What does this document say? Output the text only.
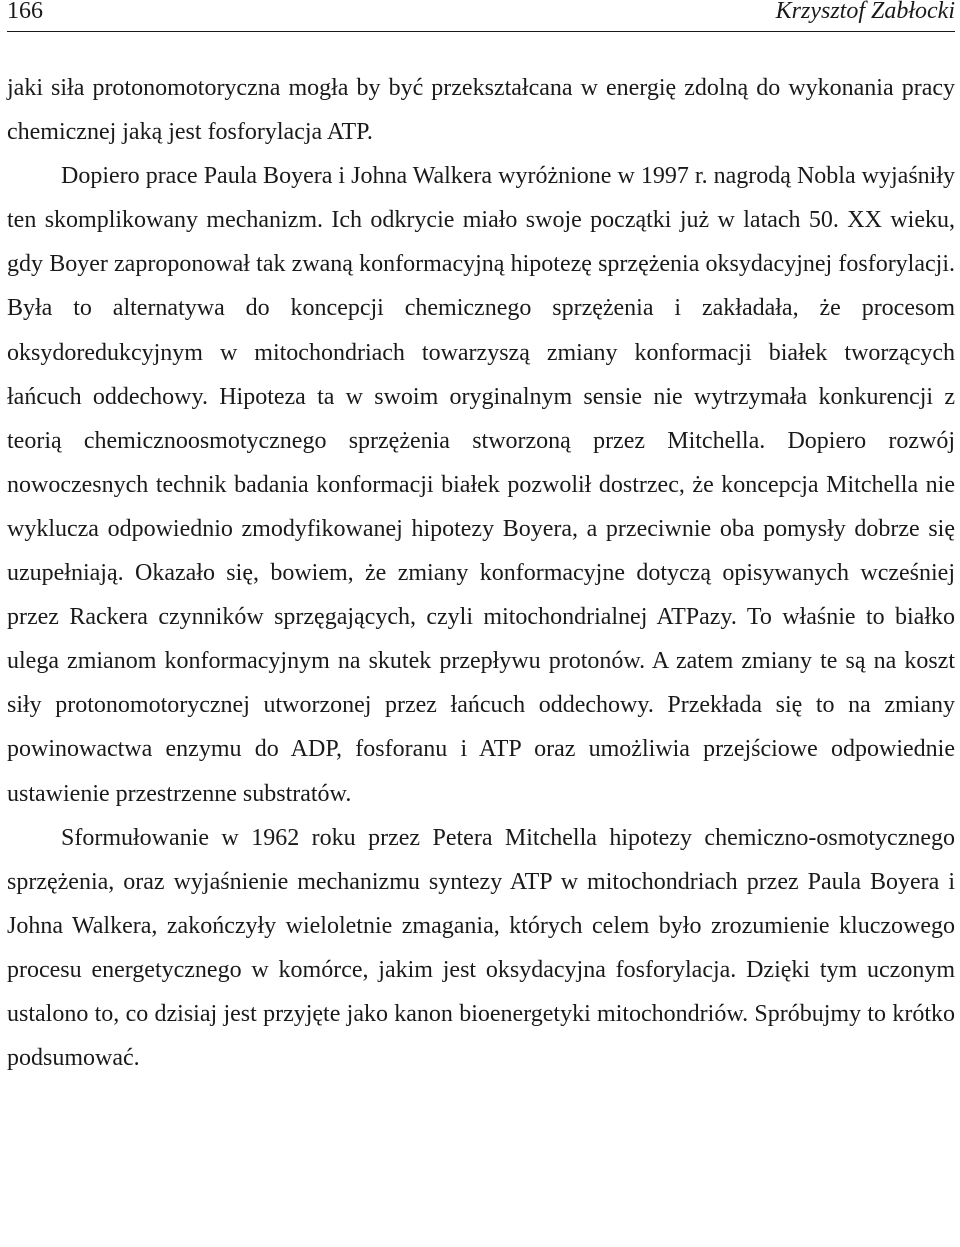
166	Krzysztof Zabłocki

jaki siła protonomotoryczna mogła by być przekształcana w energię zdolną do wykonania pracy chemicznej jaką jest fosforylacja ATP.

Dopiero prace Paula Boyera i Johna Walkera wyróżnione w 1997 r. nagrodą Nobla wyjaśniły ten skomplikowany mechanizm. Ich odkrycie miało swoje początki już w latach 50. XX wieku, gdy Boyer zaproponował tak zwaną konformacyjną hipotezę sprzężenia oksydacyjnej fosforylacji. Była to alternatywa do koncepcji chemicznego sprzężenia i zakładała, że procesom oksydoredukcyjnym w mitochondriach towarzyszą zmiany konformacji białek tworzących łańcuch oddechowy. Hipoteza ta w swoim oryginalnym sensie nie wytrzymała konkurencji z teorią chemicznoosmotycznego sprzężenia stworzoną przez Mitchella. Dopiero rozwój nowoczesnych technik badania konformacji białek pozwolił dostrzec, że koncepcja Mitchella nie wyklucza odpowiednio zmodyfikowanej hipotezy Boyera, a przeciwnie oba pomysły dobrze się uzupełniają. Okazało się, bowiem, że zmiany konformacyjne dotyczą opisywanych wcześniej przez Rackera czynników sprzęgających, czyli mitochondrialnej ATPazy. To właśnie to białko ulega zmianom konformacyjnym na skutek przepływu protonów. A zatem zmiany te są na koszt siły protonomotorycznej utworzonej przez łańcuch oddechowy. Przekłada się to na zmiany powinowactwa enzymu do ADP, fosforanu i ATP oraz umożliwia przejściowe odpowiednie ustawienie przestrzenne substratów.

Sformułowanie w 1962 roku przez Petera Mitchella hipotezy chemiczno-osmotycznego sprzężenia, oraz wyjaśnienie mechanizmu syntezy ATP w mitochondriach przez Paula Boyera i Johna Walkera, zakończyły wieloletnie zmagania, których celem było zrozumienie kluczowego procesu energetycznego w komórce, jakim jest oksydacyjna fosforylacja. Dzięki tym uczonym ustalono to, co dzisiaj jest przyjęte jako kanon bioenergetyki mitochondriów. Spróbujmy to krótko podsumować.
